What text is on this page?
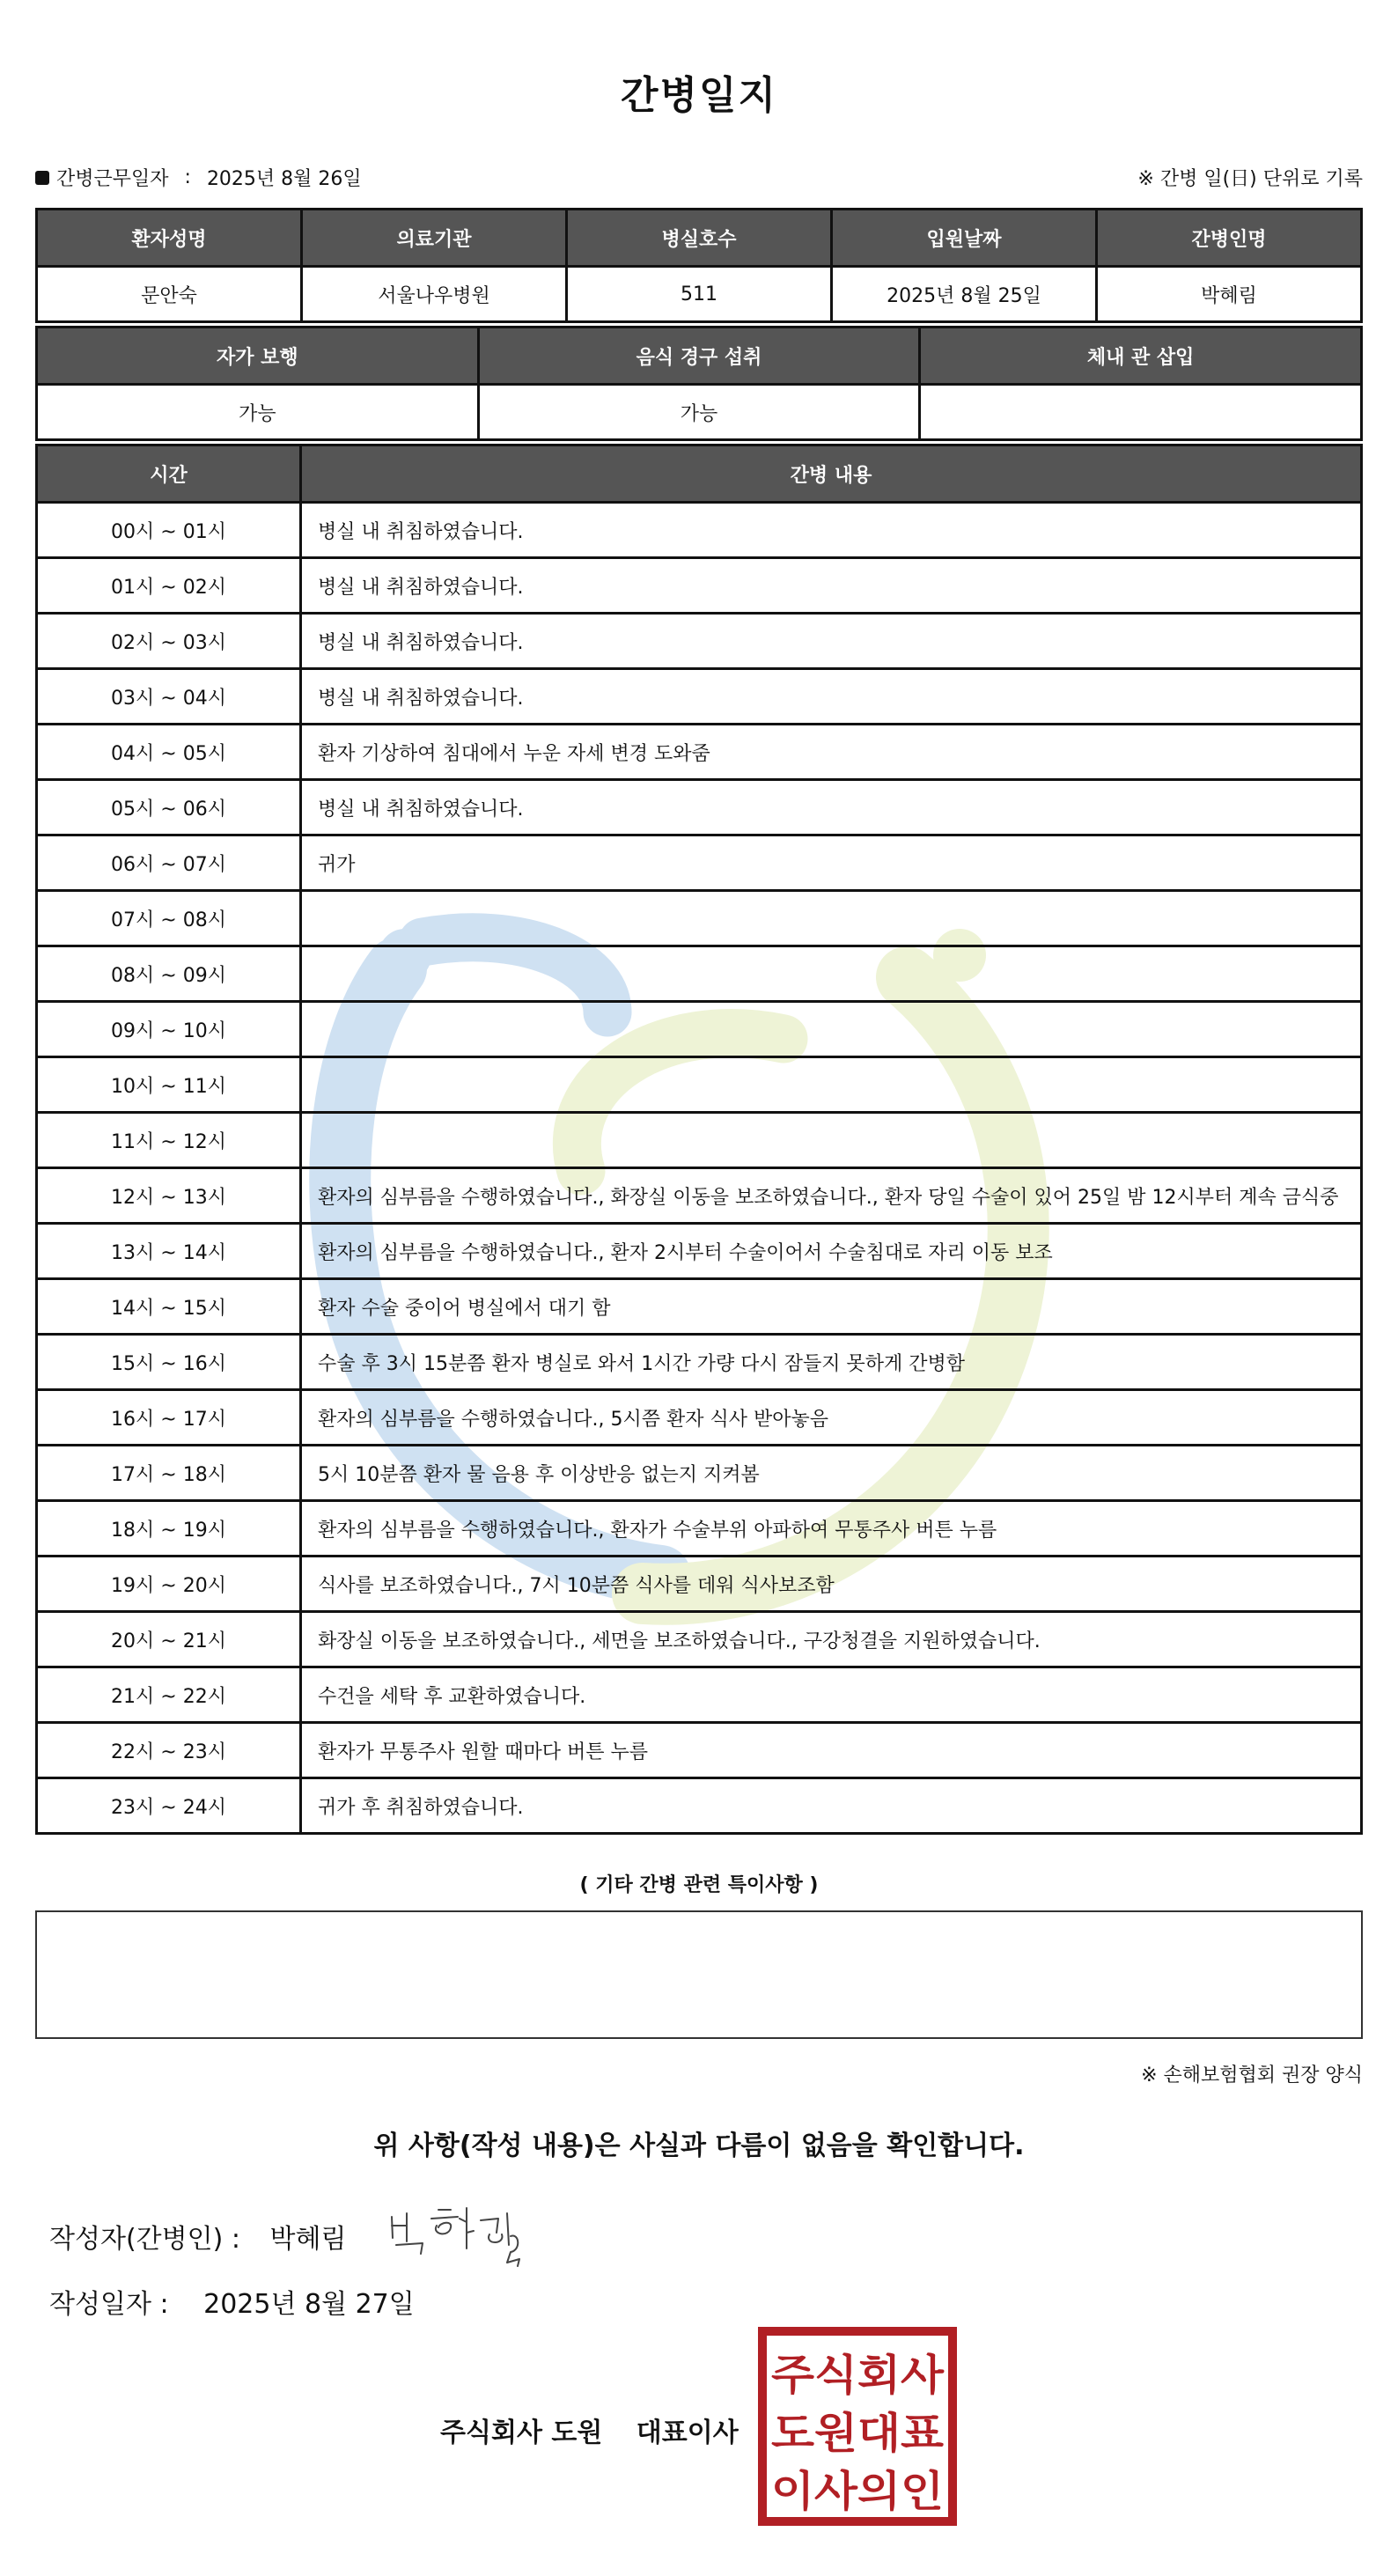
간병일지
간병근무일자 : 2025년 8월 26일	※ 간병 일(日) 단위로 기록
환자성명	의료기관	병실호수	입원날짜	간병인명
문안숙	서울나우병원	511	2025년 8월 25일	박혜림
자가 보행	음식 경구 섭취	체내 관 삽입
가능	가능	
시간	간병 내용
00시 ~ 01시	병실 내 취침하였습니다.
01시 ~ 02시	병실 내 취침하였습니다.
02시 ~ 03시	병실 내 취침하였습니다.
03시 ~ 04시	병실 내 취침하였습니다.
04시 ~ 05시	환자 기상하여 침대에서 누운 자세 변경 도와줌
05시 ~ 06시	병실 내 취침하였습니다.
06시 ~ 07시	귀가
07시 ~ 08시	
08시 ~ 09시	
09시 ~ 10시	
10시 ~ 11시	
11시 ~ 12시	
12시 ~ 13시	환자의 심부름을 수행하였습니다., 화장실 이동을 보조하였습니다., 환자 당일 수술이 있어 25일 밤 12시부터 계속 금식중
13시 ~ 14시	환자의 심부름을 수행하였습니다., 환자 2시부터 수술이어서 수술침대로 자리 이동 보조
14시 ~ 15시	환자 수술 중이어 병실에서 대기 함
15시 ~ 16시	수술 후 3시 15분쯤 환자 병실로 와서 1시간 가량 다시 잠들지 못하게 간병함
16시 ~ 17시	환자의 심부름을 수행하였습니다., 5시쯤 환자 식사 받아놓음
17시 ~ 18시	5시 10분쯤 환자 물 음용 후 이상반응 없는지 지켜봄
18시 ~ 19시	환자의 심부름을 수행하였습니다., 환자가 수술부위 아파하여 무통주사 버튼 누름
19시 ~ 20시	식사를 보조하였습니다., 7시 10분쯤 식사를 데워 식사보조함
20시 ~ 21시	화장실 이동을 보조하였습니다., 세면을 보조하였습니다., 구강청결을 지원하였습니다.
21시 ~ 22시	수건을 세탁 후 교환하였습니다.
22시 ~ 23시	환자가 무통주사 원할 때마다 버튼 누름
23시 ~ 24시	귀가 후 취침하였습니다.
( 기타 간병 관련 특이사항 )
※ 손해보험협회 권장 양식
위 사항(작성 내용)은 사실과 다름이 없음을 확인합니다.
작성자(간병인) : 박혜림
작성일자 : 2025년 8월 27일
주식회사 도원 대표이사
주식회사
도원대표
이사의인
